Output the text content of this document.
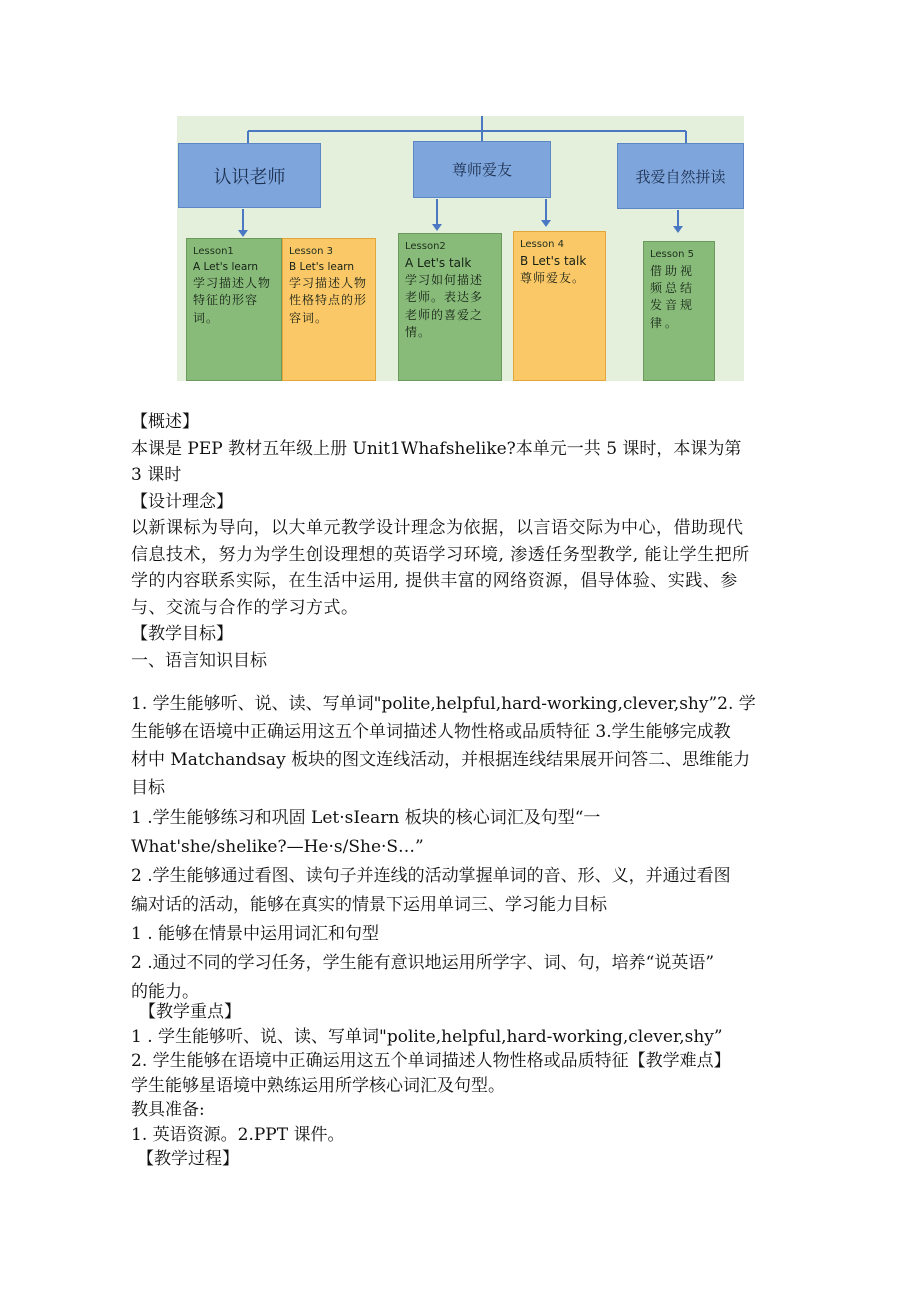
认识老师	尊师爱友	我爱自然拼读
Lesson1
A Let's learn
学习描述人物特征的形容词。
Lesson 3
B Let's learn
学习描述人物性格特点的形容词。
Lesson2
A Let's talk
学习如何描述老师。表达多老师的喜爱之情。
Lesson 4
B Let's talk
尊师爱友。
Lesson 5
借助视频总结发音规律。

【概述】

本课是 PEP 教材五年级上册 Unit1Whafshelike?本单元一共 5 课时，本课为第

3 课时

【设计理念】

以新课标为导向，以大单元教学设计理念为依据，以言语交际为中心，借助现代

信息技术，努力为学生创设理想的英语学习环境, 渗透任务型教学, 能让学生把所

学的内容联系实际，在生活中运用, 提供丰富的网络资源，倡导体验、实践、参

与、交流与合作的学习方式。

【教学目标】

一、语言知识目标

1. 学生能够听、说、读、写单词"polite,helpful,hard-working,clever,shy”2. 学

生能够在语境中正确运用这五个单词描述人物性格或品质特征 3.学生能够完成教

材中 Matchandsay 板块的图文连线活动，并根据连线结果展开问答二、思维能力

目标

1 .学生能够练习和巩固 Let·sIearn 板块的核心词汇及句型“一

What'she/shelike?—He·s/She·S…”

2 .学生能够通过看图、读句子并连线的活动掌握单词的音、形、义，并通过看图

编对话的活动，能够在真实的情景下运用单词三、学习能力目标

1 . 能够在情景中运用词汇和句型

2 .通过不同的学习任务，学生能有意识地运用所学字、词、句，培养“说英语”

的能力。

【教学重点】

1 . 学生能够听、说、读、写单词"polite,helpful,hard-working,clever,shy”

2. 学生能够在语境中正确运用这五个单词描述人物性格或品质特征【教学难点】

学生能够星语境中熟练运用所学核心词汇及句型。

教具准备:

1. 英语资源。2.PPT 课件。

【教学过程】
